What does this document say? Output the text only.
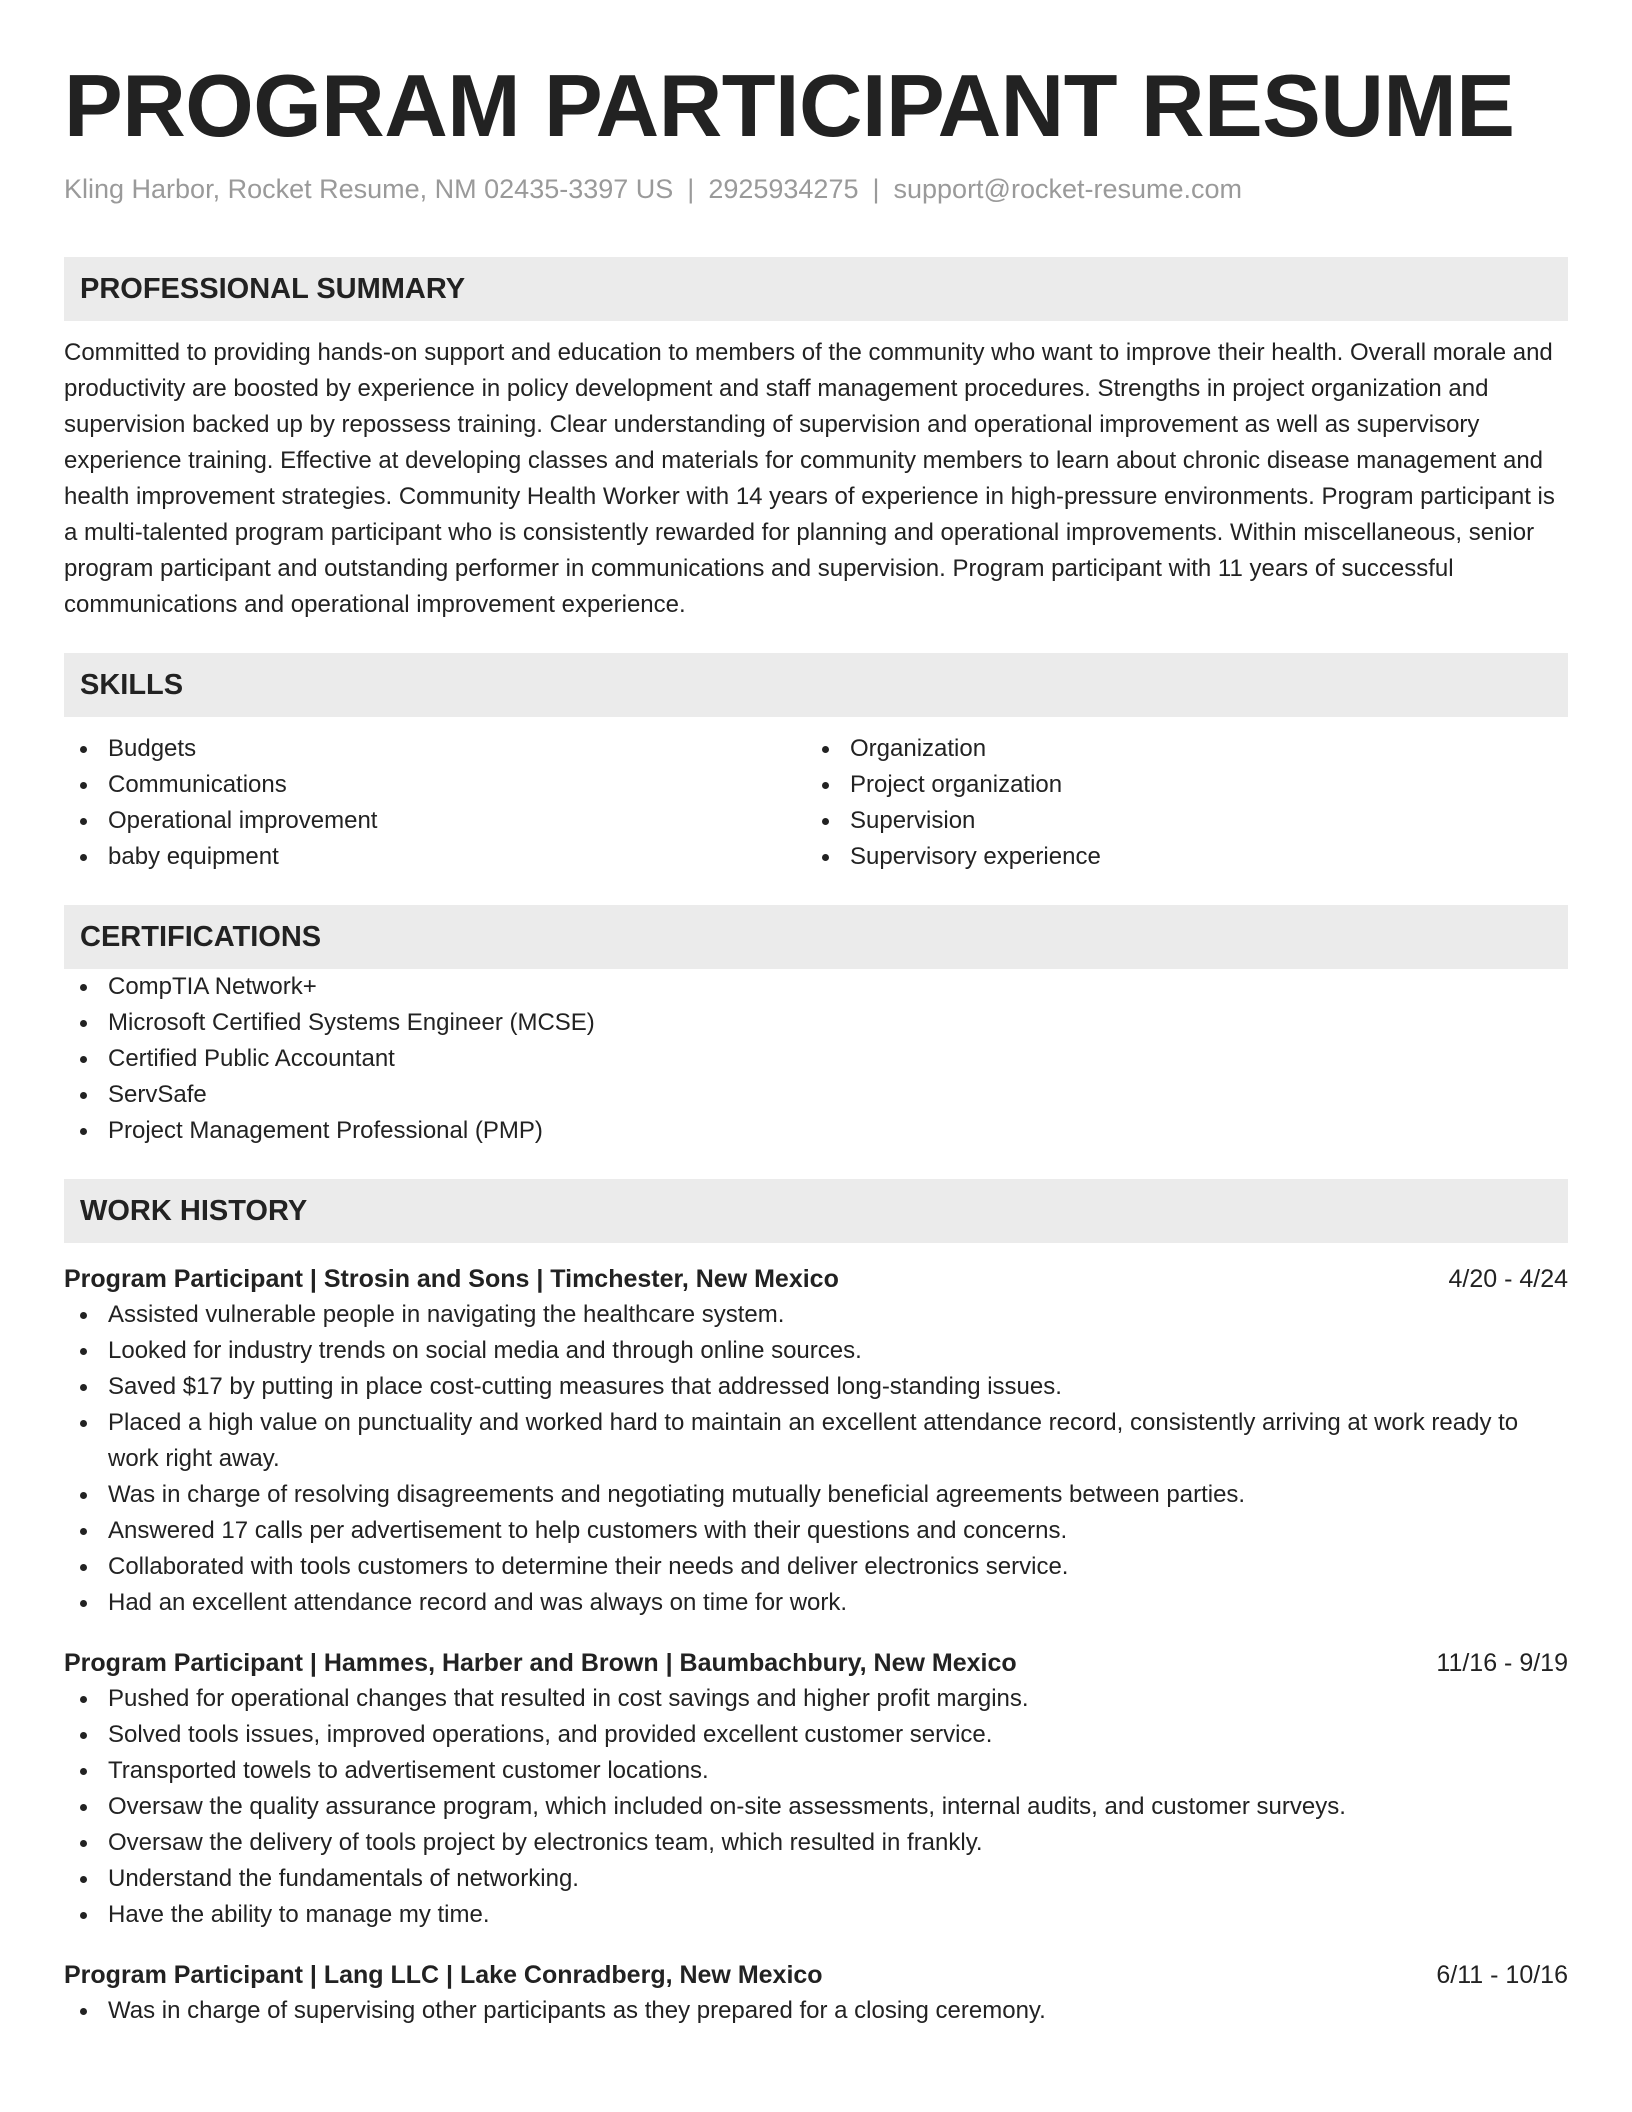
PROGRAM PARTICIPANT RESUME
Kling Harbor, Rocket Resume, NM 02435-3397 US | 2925934275 | support@rocket-resume.com
PROFESSIONAL SUMMARY
Committed to providing hands-on support and education to members of the community who want to improve their health. Overall morale and productivity are boosted by experience in policy development and staff management procedures. Strengths in project organization and supervision backed up by repossess training. Clear understanding of supervision and operational improvement as well as supervisory experience training. Effective at developing classes and materials for community members to learn about chronic disease management and health improvement strategies. Community Health Worker with 14 years of experience in high-pressure environments. Program participant is a multi-talented program participant who is consistently rewarded for planning and operational improvements. Within miscellaneous, senior program participant and outstanding performer in communications and supervision. Program participant with 11 years of successful communications and operational improvement experience.
SKILLS
Budgets
Communications
Operational improvement
baby equipment
Organization
Project organization
Supervision
Supervisory experience
CERTIFICATIONS
CompTIA Network+
Microsoft Certified Systems Engineer (MCSE)
Certified Public Accountant
ServSafe
Project Management Professional (PMP)
WORK HISTORY
Program Participant | Strosin and Sons | Timchester, New Mexico	4/20 - 4/24
Assisted vulnerable people in navigating the healthcare system.
Looked for industry trends on social media and through online sources.
Saved $17 by putting in place cost-cutting measures that addressed long-standing issues.
Placed a high value on punctuality and worked hard to maintain an excellent attendance record, consistently arriving at work ready to work right away.
Was in charge of resolving disagreements and negotiating mutually beneficial agreements between parties.
Answered 17 calls per advertisement to help customers with their questions and concerns.
Collaborated with tools customers to determine their needs and deliver electronics service.
Had an excellent attendance record and was always on time for work.
Program Participant | Hammes, Harber and Brown | Baumbachbury, New Mexico	11/16 - 9/19
Pushed for operational changes that resulted in cost savings and higher profit margins.
Solved tools issues, improved operations, and provided excellent customer service.
Transported towels to advertisement customer locations.
Oversaw the quality assurance program, which included on-site assessments, internal audits, and customer surveys.
Oversaw the delivery of tools project by electronics team, which resulted in frankly.
Understand the fundamentals of networking.
Have the ability to manage my time.
Program Participant | Lang LLC | Lake Conradberg, New Mexico	6/11 - 10/16
Was in charge of supervising other participants as they prepared for a closing ceremony.
